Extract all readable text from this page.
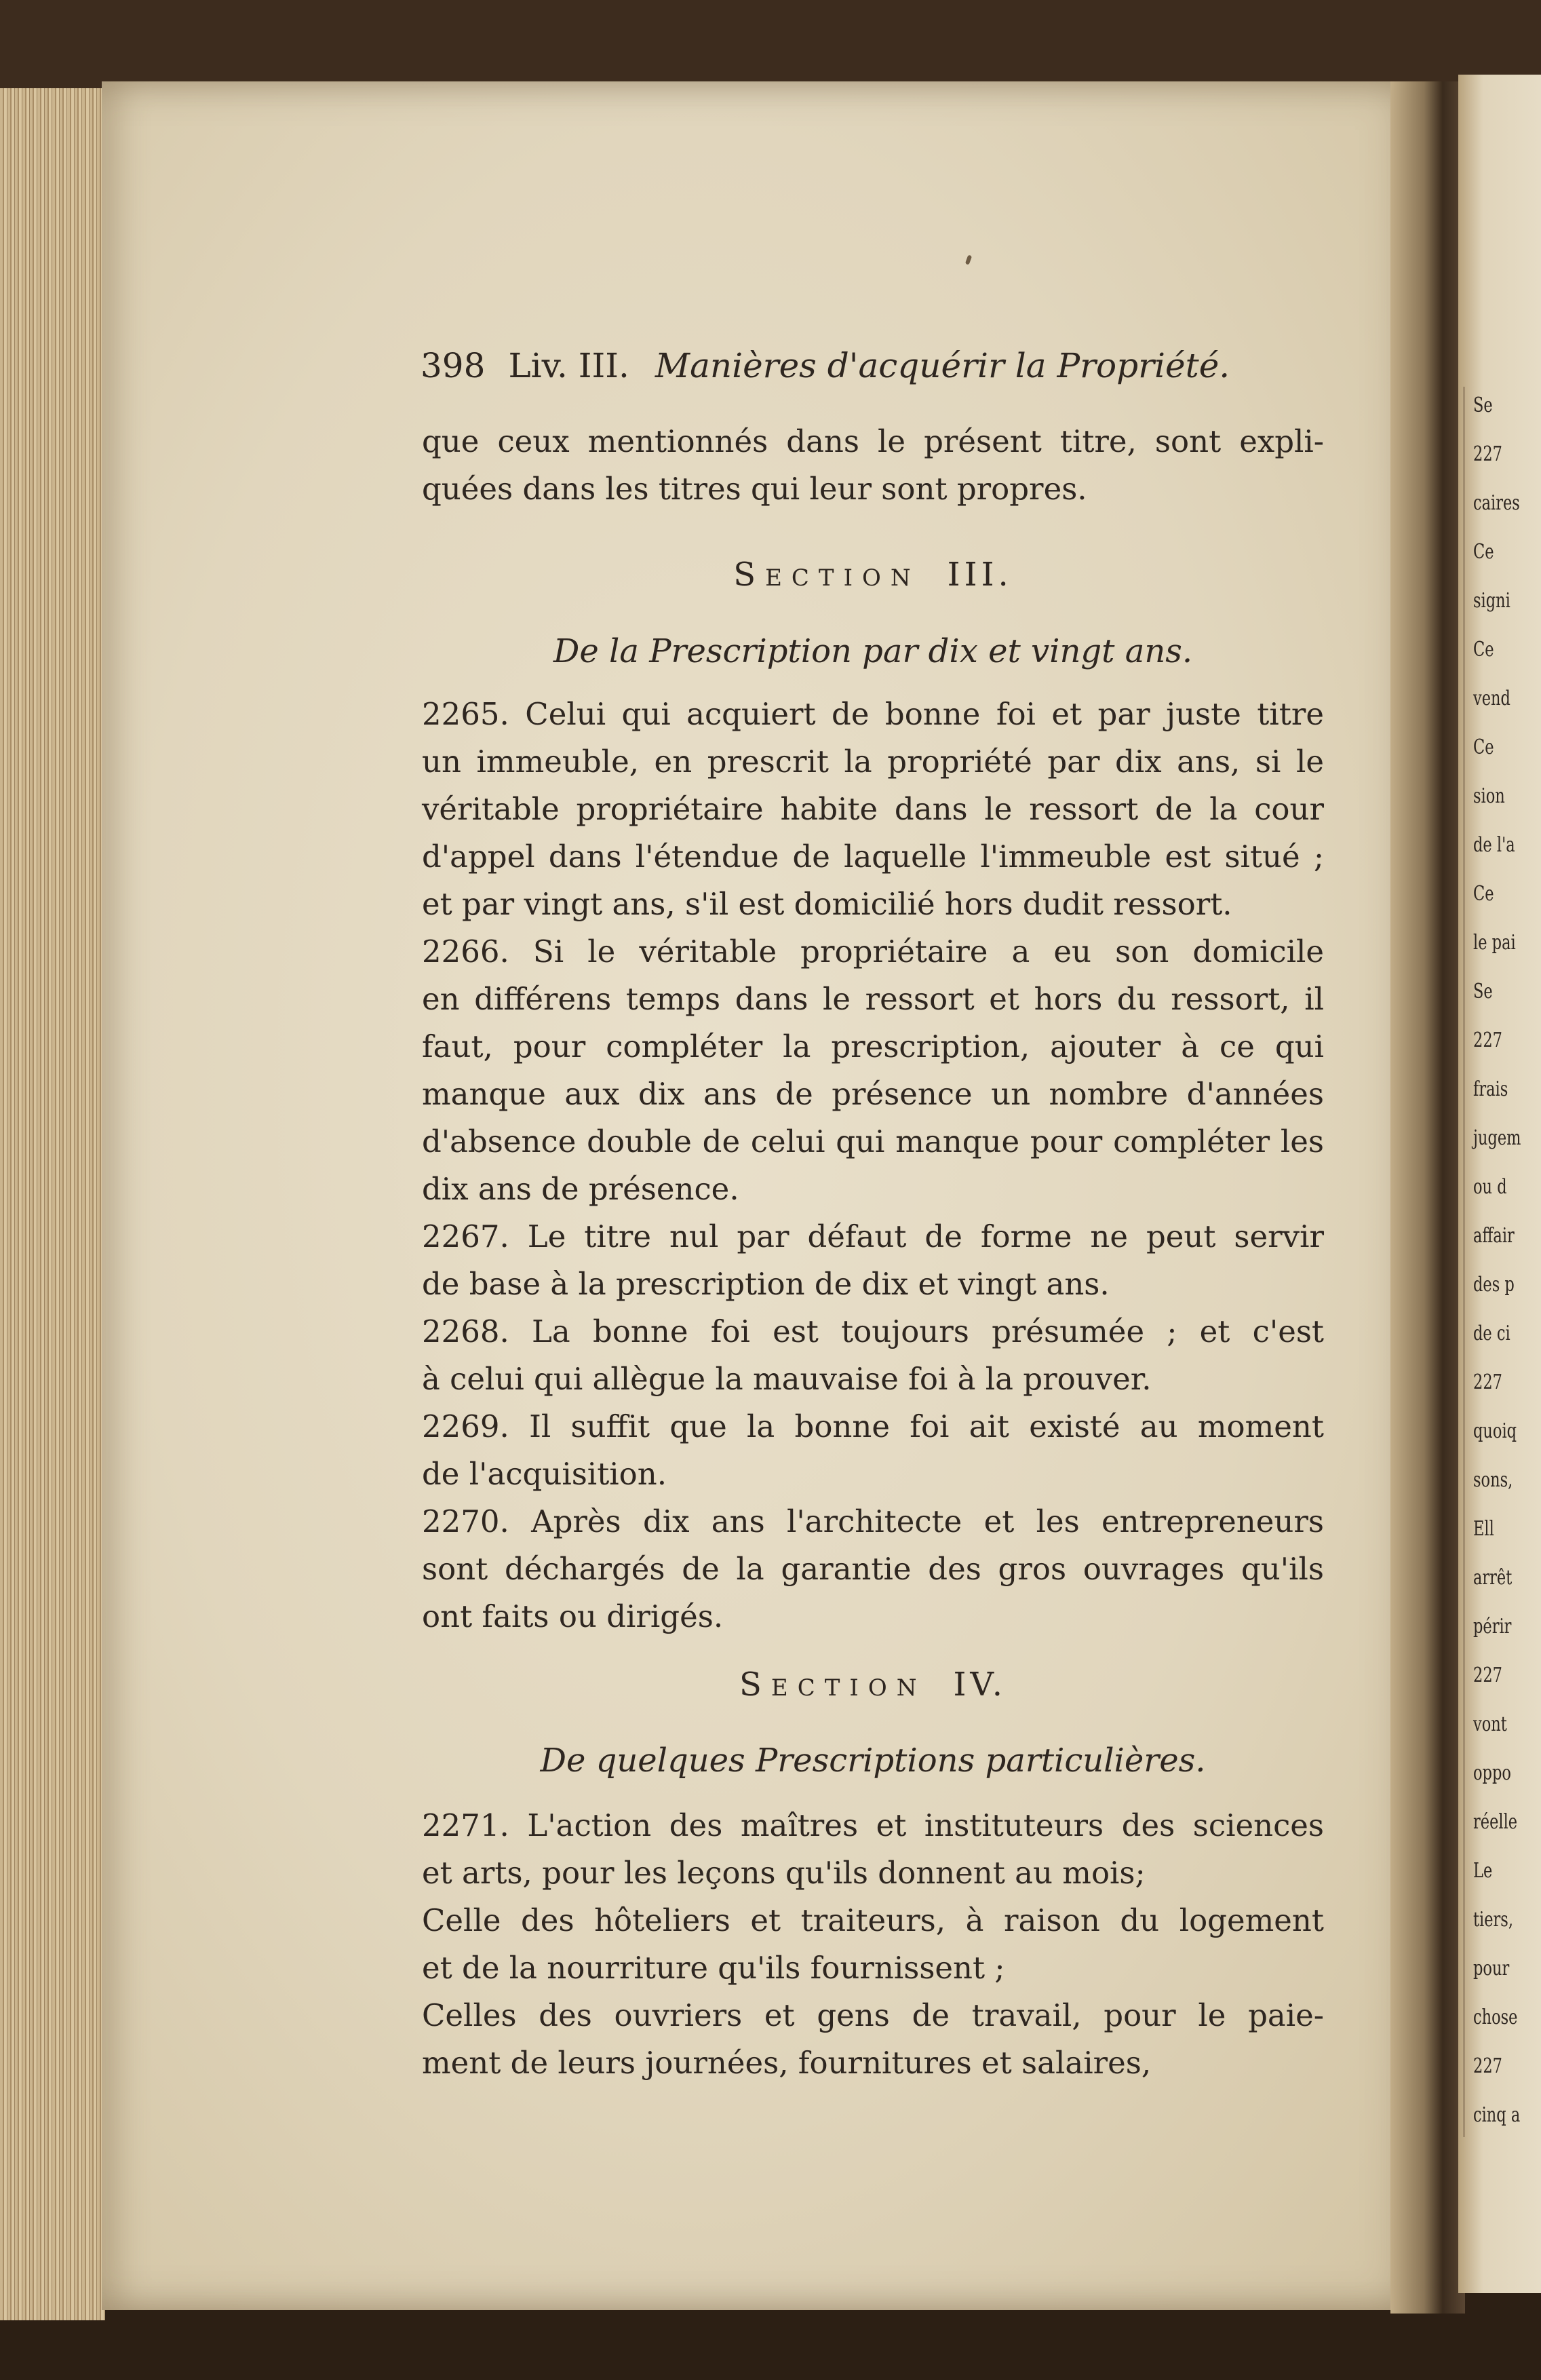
398 Liv. III. Manières d'acquérir la Propriété.
que ceux mentionnés dans le présent titre, sont expli-
quées dans les titres qui leur sont propres.
Section III.
De la Prescription par dix et vingt ans.
2265. Celui qui acquiert de bonne foi et par juste titre
un immeuble, en prescrit la propriété par dix ans, si le
véritable propriétaire habite dans le ressort de la cour
d'appel dans l'étendue de laquelle l'immeuble est situé ;
et par vingt ans, s'il est domicilié hors dudit ressort.
2266. Si le véritable propriétaire a eu son domicile
en différens temps dans le ressort et hors du ressort, il
faut, pour compléter la prescription, ajouter à ce qui
manque aux dix ans de présence un nombre d'années
d'absence double de celui qui manque pour compléter les
dix ans de présence.
2267. Le titre nul par défaut de forme ne peut servir
de base à la prescription de dix et vingt ans.
2268. La bonne foi est toujours présumée ; et c'est
à celui qui allègue la mauvaise foi à la prouver.
2269. Il suffit que la bonne foi ait existé au moment
de l'acquisition.
2270. Après dix ans l'architecte et les entrepreneurs
sont déchargés de la garantie des gros ouvrages qu'ils
ont faits ou dirigés.
Section IV.
De quelques Prescriptions particulières.
2271. L'action des maîtres et instituteurs des sciences
et arts, pour les leçons qu'ils donnent au mois;
Celle des hôteliers et traiteurs, à raison du logement
et de la nourriture qu'ils fournissent ;
Celles des ouvriers et gens de travail, pour le paie-
ment de leurs journées, fournitures et salaires,
Se
227
caires
Ce
signi
Ce
vend
Ce
sion
de l'a
Ce
le pai
Se
227
frais
jugem
ou d
affair
des p
de ci
227
quoiq
sons,
Ell
arrêt
périr
227
vont
oppo
réelle
Le
tiers,
pour
chose
227
cinq a
